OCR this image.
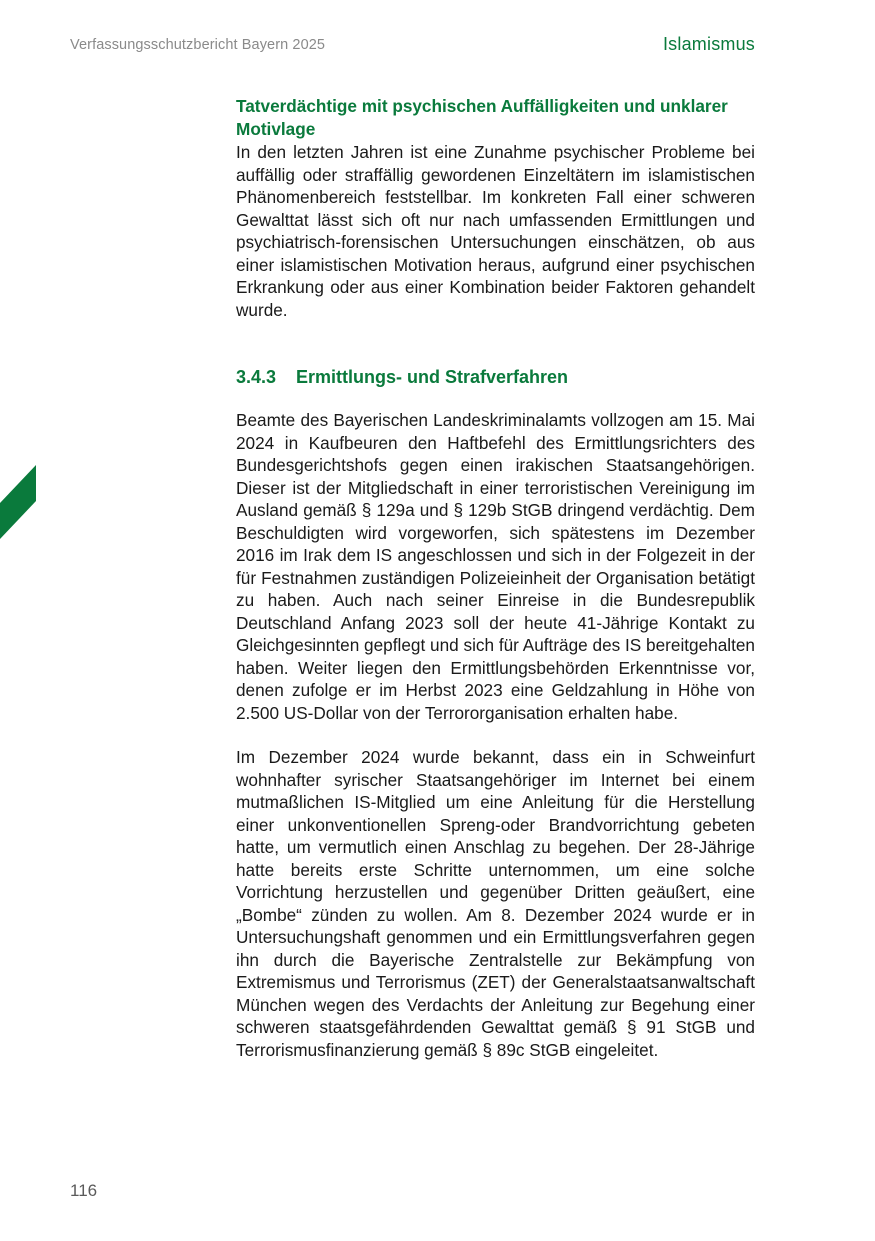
Verfassungsschutzbericht Bayern 2025	Islamismus
Tatverdächtige mit psychischen Auffälligkeiten und unklarer Motivlage

In den letzten Jahren ist eine Zunahme psychischer Probleme bei auffällig oder straffällig gewordenen Einzeltätern im islamistischen Phänomenbereich feststellbar. Im konkreten Fall einer schweren Gewalttat lässt sich oft nur nach umfassenden Ermittlungen und psychiatrisch-forensischen Untersuchungen einschätzen, ob aus einer islamistischen Motivation heraus, aufgrund einer psychischen Erkrankung oder aus einer Kombination beider Faktoren gehandelt wurde.

3.4.3	Ermittlungs- und Strafverfahren

Beamte des Bayerischen Landeskriminalamts vollzogen am 15. Mai 2024 in Kaufbeuren den Haftbefehl des Ermittlungsrichters des Bundesgerichtshofs gegen einen irakischen Staatsangehörigen. Dieser ist der Mitgliedschaft in einer terroristischen Vereinigung im Ausland gemäß § 129a und § 129b StGB dringend verdächtig. Dem Beschuldigten wird vorgeworfen, sich spätestens im Dezember 2016 im Irak dem IS angeschlossen und sich in der Folgezeit in der für Festnahmen zuständigen Polizeieinheit der Organisation betätigt zu haben. Auch nach seiner Einreise in die Bundesrepublik Deutschland Anfang 2023 soll der heute 41-Jährige Kontakt zu Gleichgesinnten gepflegt und sich für Aufträge des IS bereitgehalten haben. Weiter liegen den Ermittlungsbehörden Erkenntnisse vor, denen zufolge er im Herbst 2023 eine Geldzahlung in Höhe von 2.500 US-Dollar von der Terrororganisation erhalten habe.

Im Dezember 2024 wurde bekannt, dass ein in Schweinfurt wohnhafter syrischer Staatsangehöriger im Internet bei einem mutmaßlichen IS-Mitglied um eine Anleitung für die Herstellung einer unkonventionellen Spreng-oder Brandvorrichtung gebeten hatte, um vermutlich einen Anschlag zu begehen. Der 28-Jährige hatte bereits erste Schritte unternommen, um eine solche Vorrichtung herzustellen und gegenüber Dritten geäußert, eine „Bombe“ zünden zu wollen. Am 8. Dezember 2024 wurde er in Untersuchungshaft genommen und ein Ermittlungsverfahren gegen ihn durch die Bayerische Zentralstelle zur Bekämpfung von Extremismus und Terrorismus (ZET) der Generalstaatsanwaltschaft München wegen des Verdachts der Anleitung zur Begehung einer schweren staatsgefährdenden Gewalttat gemäß § 91 StGB und Terrorismusfinanzierung gemäß § 89c StGB eingeleitet.

116
